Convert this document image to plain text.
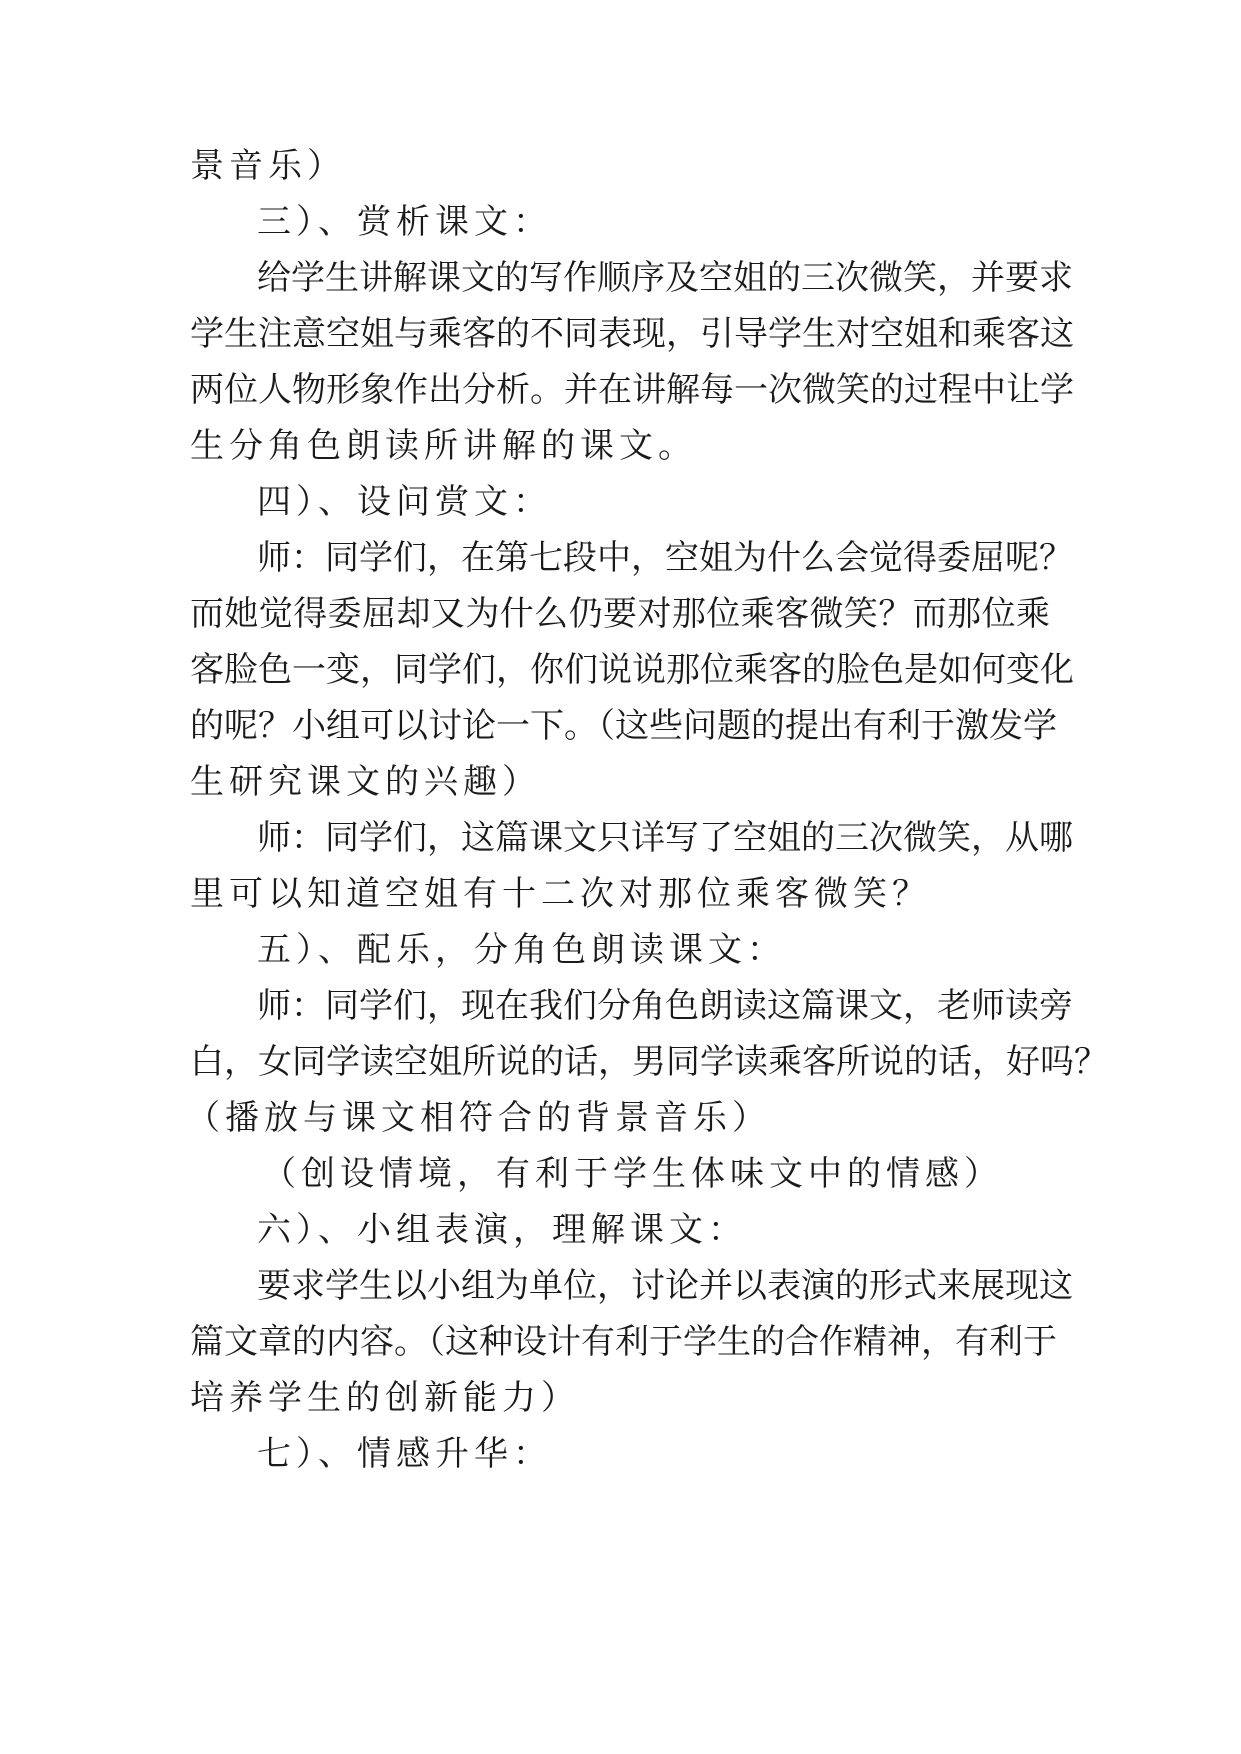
景音乐）
三）、赏析课文：
给学生讲解课文的写作顺序及空姐的三次微笑，并要求
学生注意空姐与乘客的不同表现，引导学生对空姐和乘客这
两位人物形象作出分析。并在讲解每一次微笑的过程中让学
生分角色朗读所讲解的课文。
四）、设问赏文：
师：同学们，在第七段中，空姐为什么会觉得委屈呢？
而她觉得委屈却又为什么仍要对那位乘客微笑？而那位乘
客脸色一变，同学们，你们说说那位乘客的脸色是如何变化
的呢？小组可以讨论一下。（这些问题的提出有利于激发学
生研究课文的兴趣）
师：同学们，这篇课文只详写了空姐的三次微笑，从哪
里可以知道空姐有十二次对那位乘客微笑？
五）、配乐，分角色朗读课文：
师：同学们，现在我们分角色朗读这篇课文，老师读旁
白，女同学读空姐所说的话，男同学读乘客所说的话，好吗？
（播放与课文相符合的背景音乐）
（创设情境，有利于学生体味文中的情感）
六）、小组表演，理解课文：
要求学生以小组为单位，讨论并以表演的形式来展现这
篇文章的内容。（这种设计有利于学生的合作精神，有利于
培养学生的创新能力）
七）、情感升华：
